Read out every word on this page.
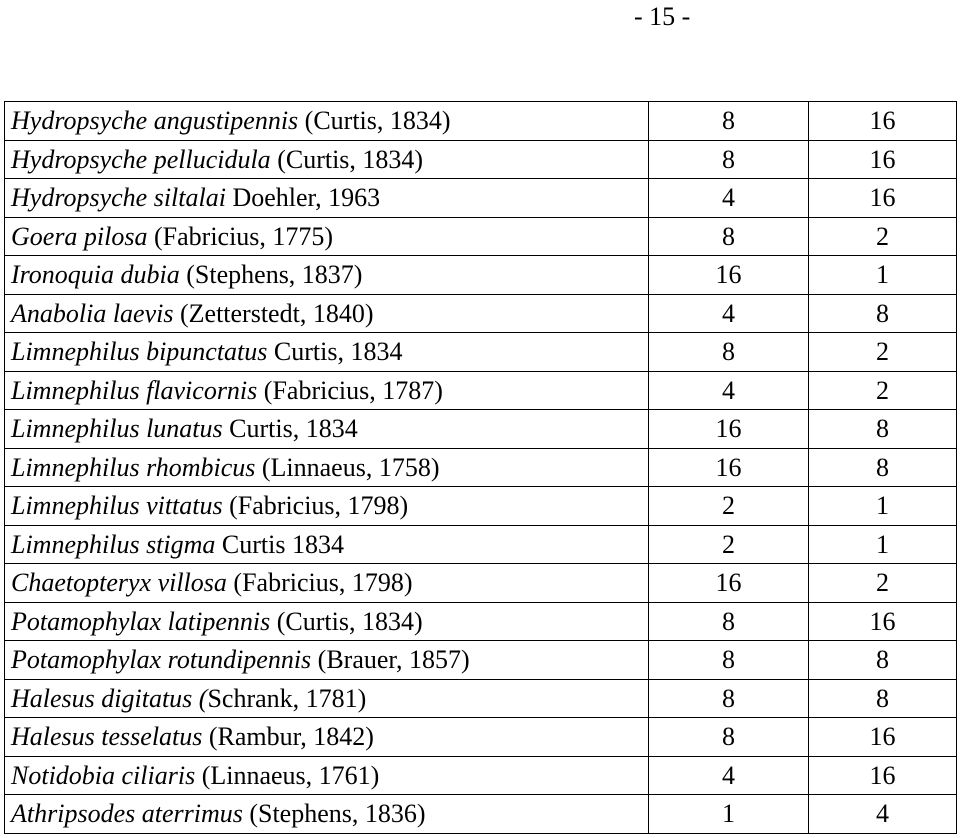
- 15 -
Hydropsyche angustipennis (Curtis, 1834)	8	16
Hydropsyche pellucidula (Curtis, 1834)	8	16
Hydropsyche siltalai Doehler, 1963	4	16
Goera pilosa (Fabricius, 1775)	8	2
Ironoquia dubia (Stephens, 1837)	16	1
Anabolia laevis (Zetterstedt, 1840)	4	8
Limnephilus bipunctatus Curtis, 1834	8	2
Limnephilus flavicornis (Fabricius, 1787)	4	2
Limnephilus lunatus Curtis, 1834	16	8
Limnephilus rhombicus (Linnaeus, 1758)	16	8
Limnephilus vittatus (Fabricius, 1798)	2	1
Limnephilus stigma Curtis 1834	2	1
Chaetopteryx villosa (Fabricius, 1798)	16	2
Potamophylax latipennis (Curtis, 1834)	8	16
Potamophylax rotundipennis (Brauer, 1857)	8	8
Halesus digitatus (Schrank, 1781)	8	8
Halesus tesselatus (Rambur, 1842)	8	16
Notidobia ciliaris (Linnaeus, 1761)	4	16
Athripsodes aterrimus (Stephens, 1836)	1	4
